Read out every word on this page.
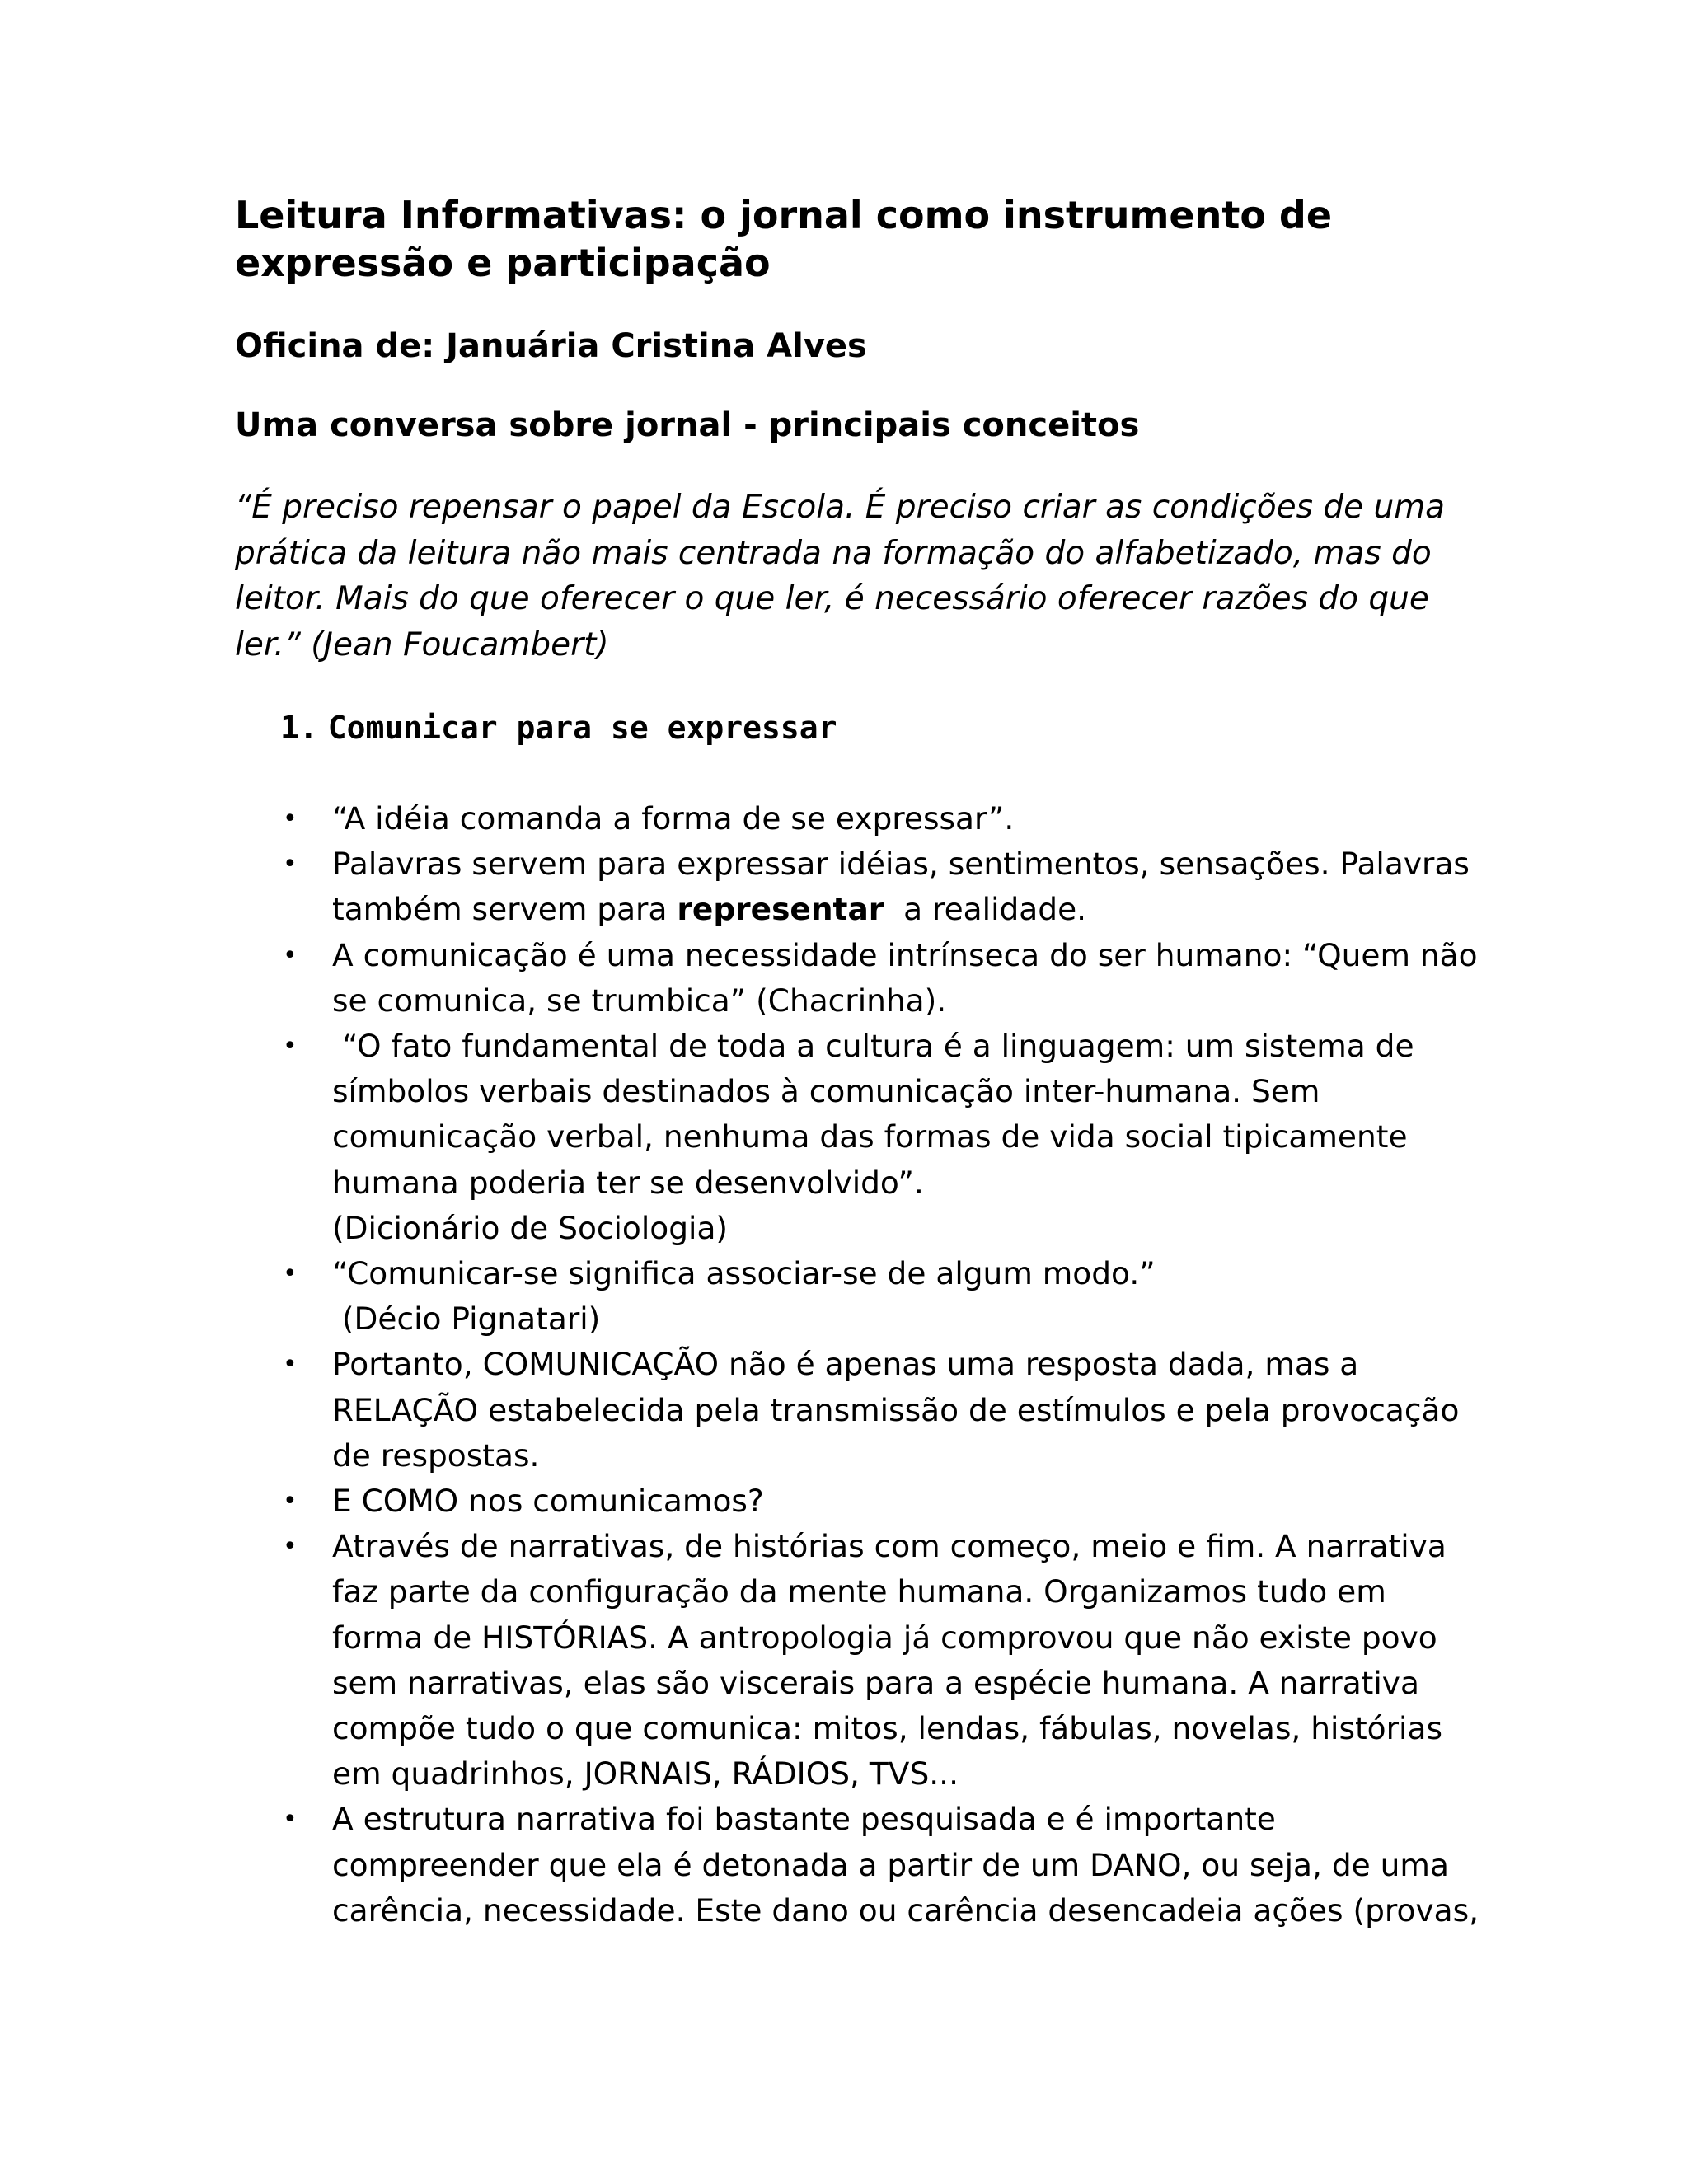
Leitura Informativas: o jornal como instrumento de
expressão e participação
Oficina de: Januária Cristina Alves
Uma conversa sobre jornal - principais conceitos

“É preciso repensar o papel da Escola. É preciso criar as condições de uma
prática da leitura não mais centrada na formação do alfabetizado, mas do
leitor. Mais do que oferecer o que ler, é necessário oferecer razões do que
ler.” (Jean Foucambert)

1. Comunicar para se expressar
• “A idéia comanda a forma de se expressar”.
• Palavras servem para expressar idéias, sentimentos, sensações. Palavras
também servem para representar  a realidade.
• A comunicação é uma necessidade intrínseca do ser humano: “Quem não
se comunica, se trumbica” (Chacrinha).
• “O fato fundamental de toda a cultura é a linguagem: um sistema de
símbolos verbais destinados à comunicação inter-humana. Sem
comunicação verbal, nenhuma das formas de vida social tipicamente
humana poderia ter se desenvolvido”.
(Dicionário de Sociologia)
• “Comunicar-se significa associar-se de algum modo.”
(Décio Pignatari)
• Portanto, COMUNICAÇÃO não é apenas uma resposta dada, mas a
RELAÇÃO estabelecida pela transmissão de estímulos e pela provocação
de respostas.
• E COMO nos comunicamos?
• Através de narrativas, de histórias com começo, meio e fim. A narrativa
faz parte da configuração da mente humana. Organizamos tudo em
forma de HISTÓRIAS. A antropologia já comprovou que não existe povo
sem narrativas, elas são viscerais para a espécie humana. A narrativa
compõe tudo o que comunica: mitos, lendas, fábulas, novelas, histórias
em quadrinhos, JORNAIS, RÁDIOS, TVS...
• A estrutura narrativa foi bastante pesquisada e é importante
compreender que ela é detonada a partir de um DANO, ou seja, de uma
carência, necessidade. Este dano ou carência desencadeia ações (provas,
